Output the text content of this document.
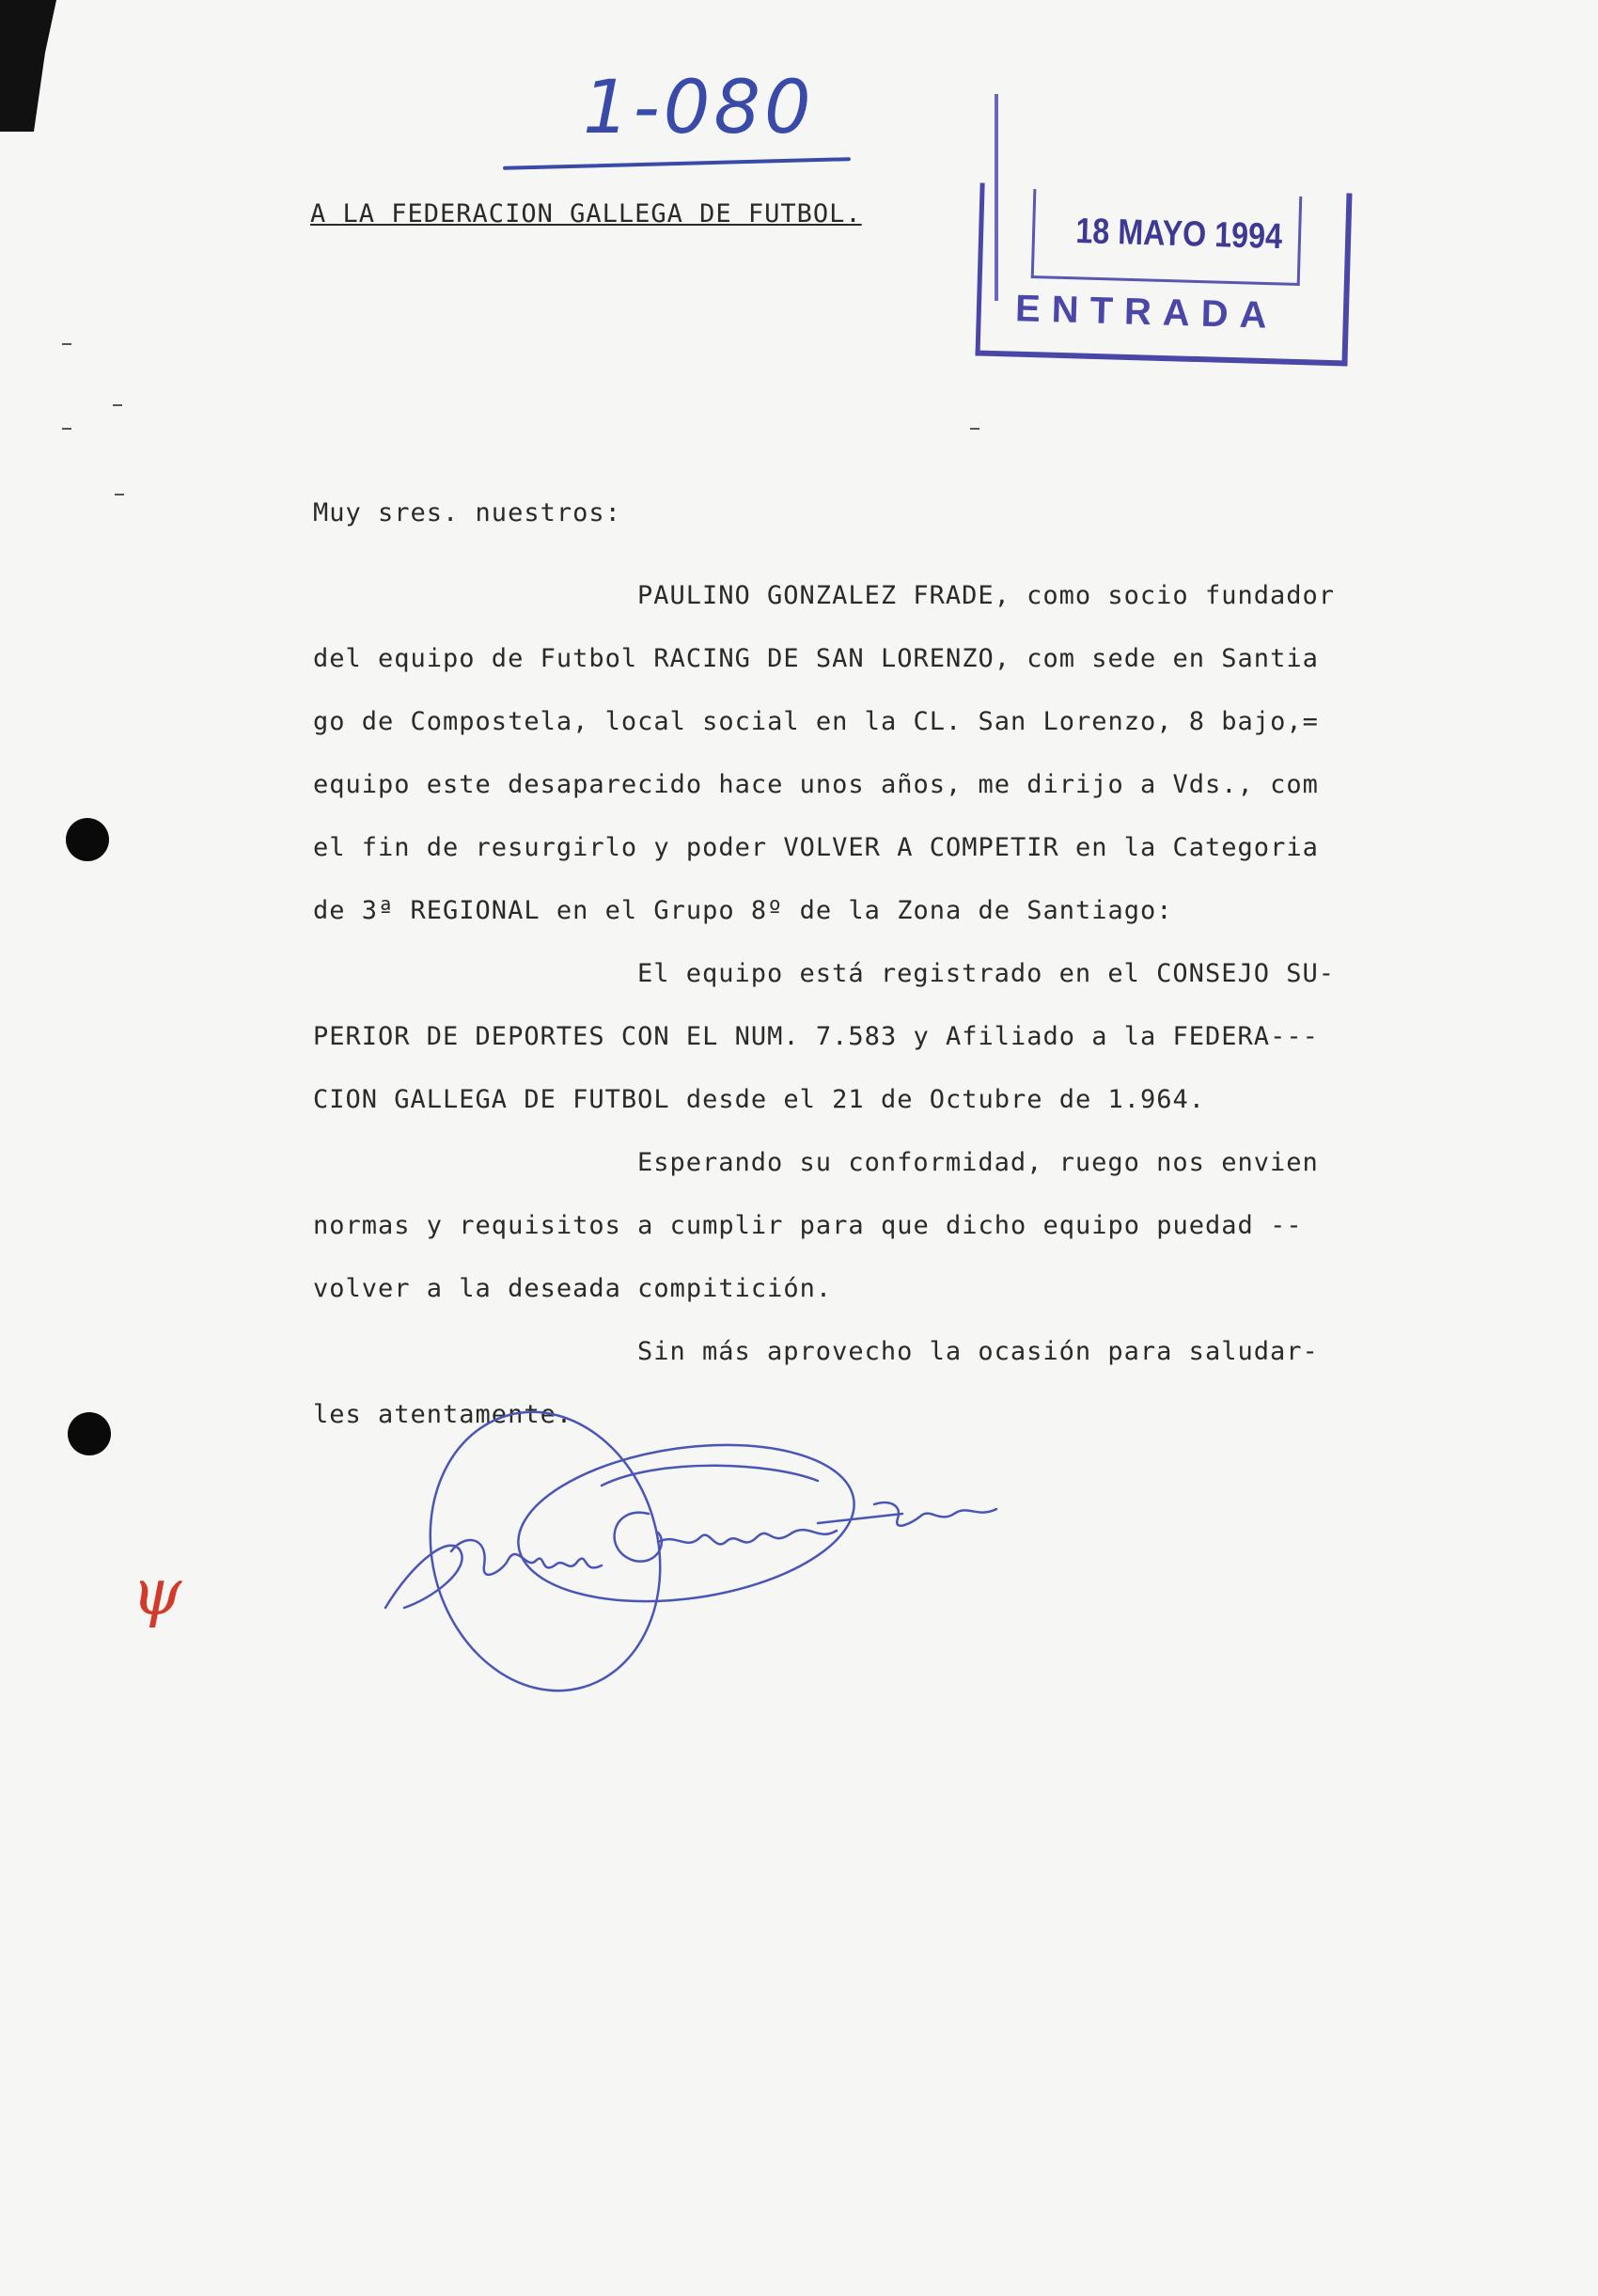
1-080
A LA FEDERACION GALLEGA DE FUTBOL.	18 MAYO 1994
ENTRADA
Muy sres. nuestros:
PAULINO GONZALEZ FRADE, como socio fundador
del equipo de Futbol RACING DE SAN LORENZO, com sede en Santia
go de Compostela, local social en la CL. San Lorenzo, 8 bajo,=
equipo este desaparecido hace unos años, me dirijo a Vds., com
el fin de resurgirlo y poder VOLVER A COMPETIR en la Categoria
de 3ª REGIONAL en el Grupo 8º de la Zona de Santiago:
El equipo está registrado en el CONSEJO SU-
PERIOR DE DEPORTES CON EL NUM. 7.583 y Afiliado a la FEDERA---
CION GALLEGA DE FUTBOL desde el 21 de Octubre de 1.964.
Esperando su conformidad, ruego nos envien
normas y requisitos a cumplir para que dicho equipo puedad --
volver a la deseada compitición.
Sin más aprovecho la ocasión para saludar-
les atentamente.
ψ
